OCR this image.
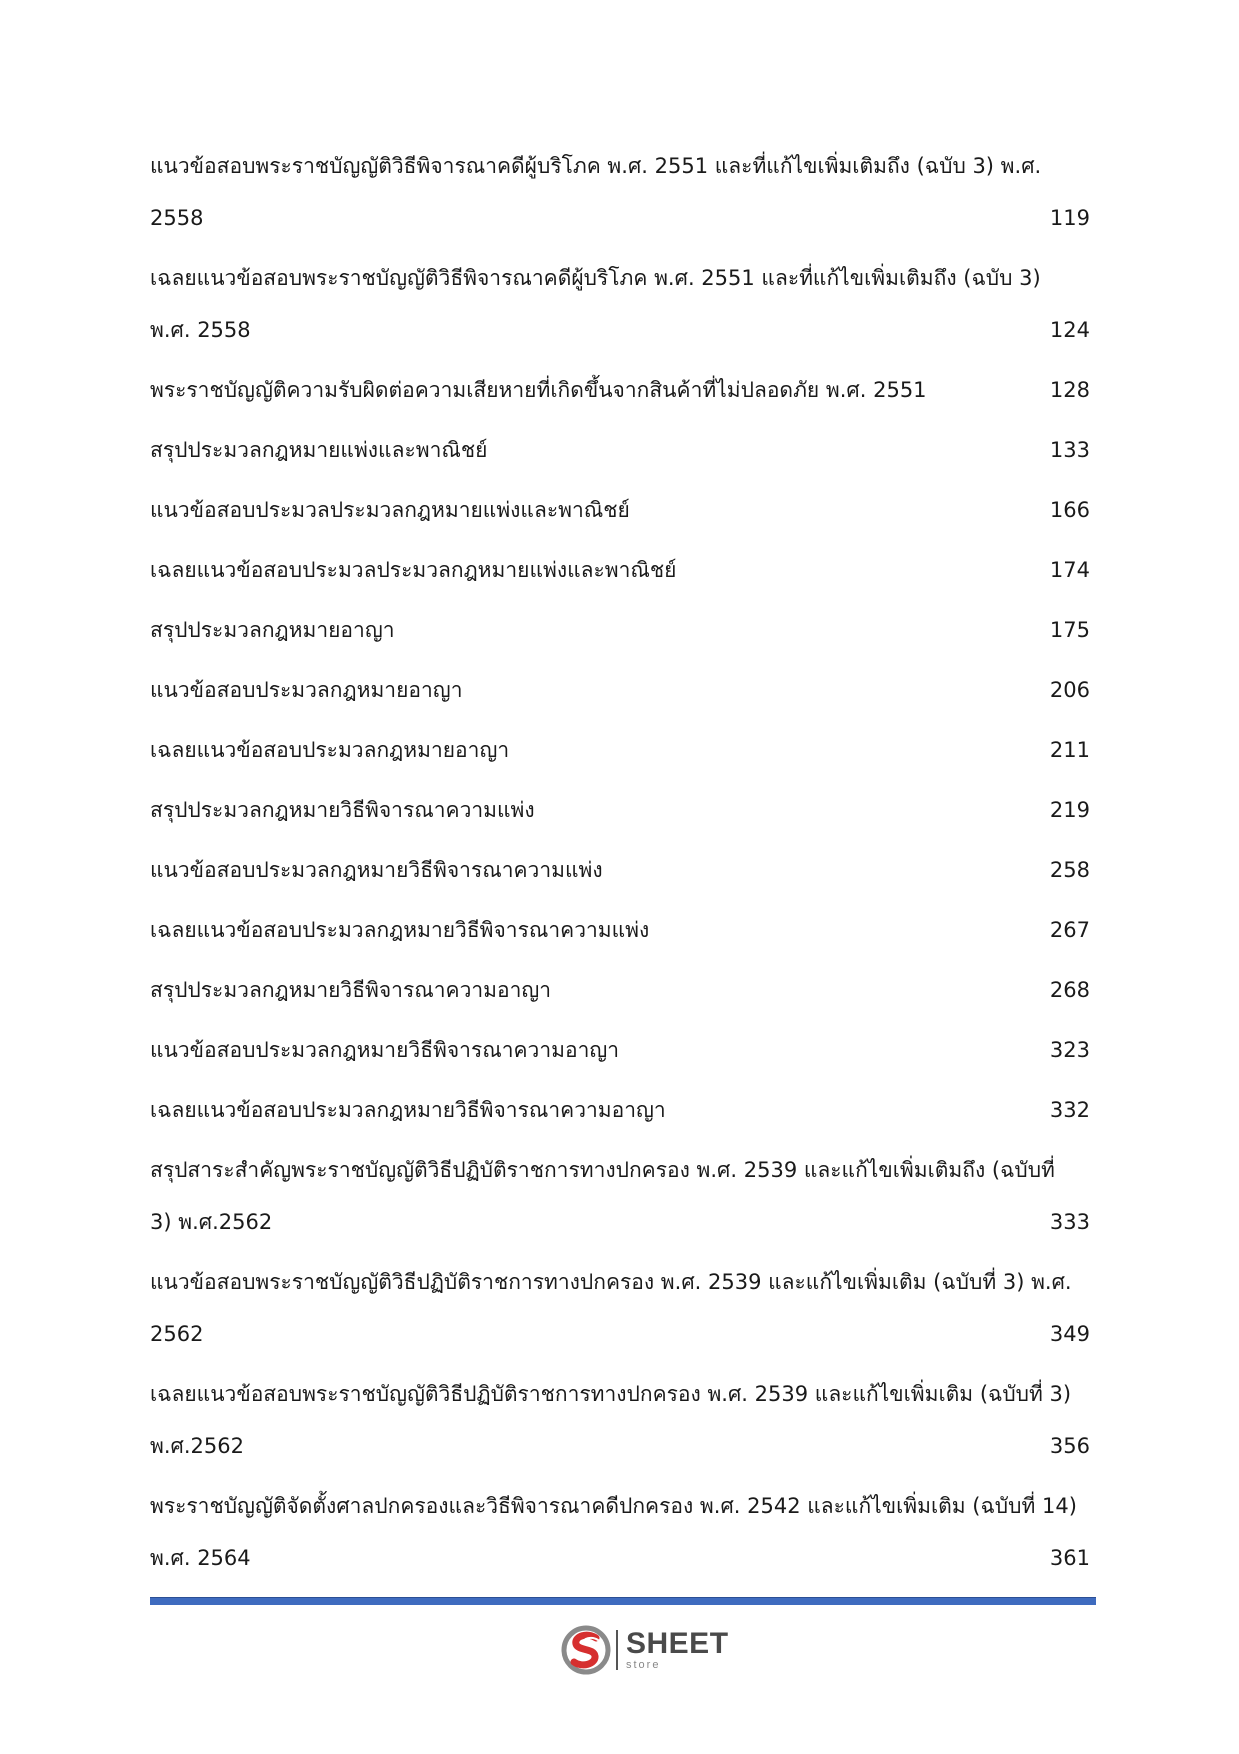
แนวข้อสอบพระราชบัญญัติวิธีพิจารณาคดีผู้บริโภค พ.ศ. 2551 และที่แก้ไขเพิ่มเติมถึง (ฉบับ 3) พ.ศ.
2558 . . .	119
เฉลยแนวข้อสอบพระราชบัญญัติวิธีพิจารณาคดีผู้บริโภค พ.ศ. 2551 และที่แก้ไขเพิ่มเติมถึง (ฉบับ 3)
พ.ศ. 2558 . . .	124
พระราชบัญญัติความรับผิดต่อความเสียหายที่เกิดขึ้นจากสินค้าที่ไม่ปลอดภัย พ.ศ. 2551 . . .	128
สรุปประมวลกฎหมายแพ่งและพาณิชย์ . . .	133
แนวข้อสอบประมวลประมวลกฎหมายแพ่งและพาณิชย์ . . .	166
เฉลยแนวข้อสอบประมวลประมวลกฎหมายแพ่งและพาณิชย์ . . .	174
สรุปประมวลกฎหมายอาญา . . .	175
แนวข้อสอบประมวลกฎหมายอาญา . . .	206
เฉลยแนวข้อสอบประมวลกฎหมายอาญา . . .	211
สรุปประมวลกฎหมายวิธีพิจารณาความแพ่ง . . .	219
แนวข้อสอบประมวลกฎหมายวิธีพิจารณาความแพ่ง . . .	258
เฉลยแนวข้อสอบประมวลกฎหมายวิธีพิจารณาความแพ่ง . . .	267
สรุปประมวลกฎหมายวิธีพิจารณาความอาญา . . .	268
แนวข้อสอบประมวลกฎหมายวิธีพิจารณาความอาญา . . .	323
เฉลยแนวข้อสอบประมวลกฎหมายวิธีพิจารณาความอาญา . . .	332
สรุปสาระสำคัญพระราชบัญญัติวิธีปฏิบัติราชการทางปกครอง พ.ศ. 2539 และแก้ไขเพิ่มเติมถึง (ฉบับที่
3) พ.ศ.2562 . . .	333
แนวข้อสอบพระราชบัญญัติวิธีปฏิบัติราชการทางปกครอง พ.ศ. 2539 และแก้ไขเพิ่มเติม (ฉบับที่ 3) พ.ศ.
2562 . . .	349
เฉลยแนวข้อสอบพระราชบัญญัติวิธีปฏิบัติราชการทางปกครอง พ.ศ. 2539 และแก้ไขเพิ่มเติม (ฉบับที่ 3)
พ.ศ.2562 . . .	356
พระราชบัญญัติจัดตั้งศาลปกครองและวิธีพิจารณาคดีปกครอง พ.ศ. 2542 และแก้ไขเพิ่มเติม (ฉบับที่ 14)
พ.ศ. 2564 . . .	361
SHEET
store
